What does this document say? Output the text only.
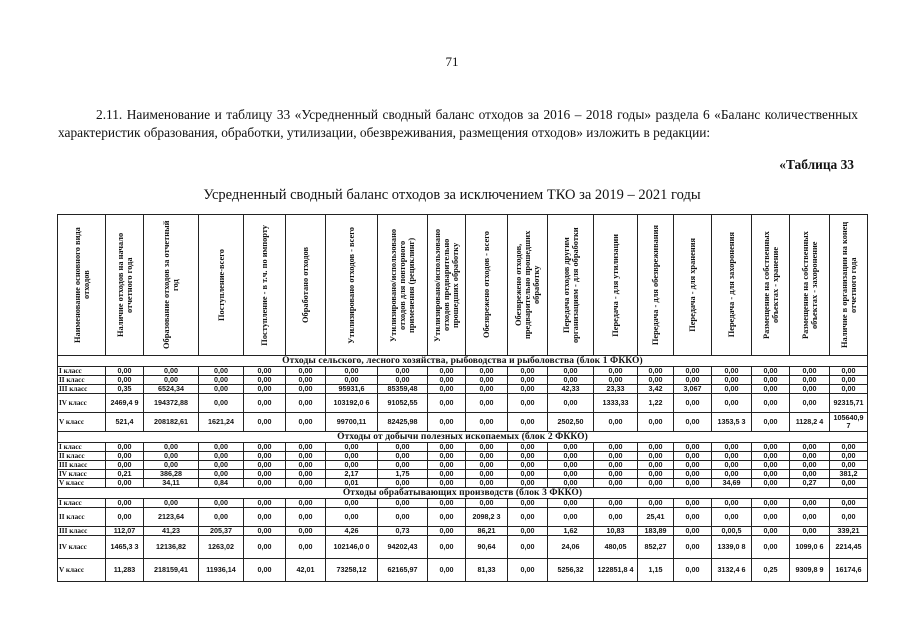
71
2.11. Наименование и таблицу 33 «Усредненный сводный баланс отходов за 2016 – 2018 годы» раздела 6 «Баланс количественных характеристик образования, обработки, утилизации, обезвреживания, размещения отходов» изложить в редакции:
«Таблица 33
Усредненный сводный баланс отходов за исключением ТКО за 2019 – 2021 годы
Наименование основного вида отходов	Наличие отходов на начало отчетного года	Образование отходов за отчетный год	Поступление-всего	Поступление - в т.ч. по импорту	Обработано отходов	Утилизировано отходов - всего	Утилизировано/использовано отходов для повторного применения (рециклинг)	Утилизировано/использовано отходов предварительно прошедших обработку	Обезврежено отходов - всего	Обезврежено отходов, предварительно прошедших обработку	Передача отходов другим организациям - для обработки	Передача - для утилизации	Передача - для обезвреживания	Передача - для хранения	Передача - для захоронения	Размещение на собственных объектах - хранение	Размещение на собственных объектах - захоронение	Наличие в организации на конец отчетного года

Отходы сельского, лесного хозяйства, рыбоводства и рыболовства (блок 1 ФККО)																		
I класс	0,00	0,00	0,00	0,00	0,00	0,00	0,00	0,00	0,00	0,00	0,00	0,00	0,00	0,00	0,00	0,00	0,00	0,00
II класс	0,00	0,00	0,00	0,00	0,00	0,00	0,00	0,00	0,00	0,00	0,00	0,00	0,00	0,00	0,00	0,00	0,00	0,00
III класс	0,35	6524,34	0,00	0,00	0,00	95931,6	85359,48	0,00	0,00	0,00	42,33	23,33	3,42	3,067	0,00	0,00	0,00	0,00
IV класс	2469,4 9	194372,88	0,00	0,00	0,00	103192,0 6	91052,55	0,00	0,00	0,00	0,00	1333,33	1,22	0,00	0,00	0,00	0,00	92315,71
V класс	521,4	208182,61	1621,24	0,00	0,00	99700,11	82425,98	0,00	0,00	0,00	2502,50	0,00	0,00	0,00	1353,5 3	0,00	1128,2 4	105640,9 7
Отходы от добычи полезных ископаемых (блок 2 ФККО)																		
I класс	0,00	0,00	0,00	0,00	0,00	0,00	0,00	0,00	0,00	0,00	0,00	0,00	0,00	0,00	0,00	0,00	0,00	0,00
II класс	0,00	0,00	0,00	0,00	0,00	0,00	0,00	0,00	0,00	0,00	0,00	0,00	0,00	0,00	0,00	0,00	0,00	0,00
III класс	0,00	0,00	0,00	0,00	0,00	0,00	0,00	0,00	0,00	0,00	0,00	0,00	0,00	0,00	0,00	0,00	0,00	0,00
IV класс	0,21	386,28	0,00	0,00	0,00	2,17	1,75	0,00	0,00	0,00	0,00	0,00	0,00	0,00	0,00	0,00	0,00	381,2
V класс	0,00	34,11	0,84	0,00	0,00	0,01	0,00	0,00	0,00	0,00	0,00	0,00	0,00	0,00	34,69	0,00	0,27	0,00
Отходы обрабатывающих производств (блок 3 ФККО)																		
I класс	0,00	0,00	0,00	0,00	0,00	0,00	0,00	0,00	0,00	0,00	0,00	0,00	0,00	0,00	0,00	0,00	0,00	0,00
II класс	0,00	2123,64	0,00	0,00	0,00	0,00	0,00	0,00	2098,2 3	0,00	0,00	0,00	25,41	0,00	0,00	0,00	0,00	0,00
III класс	112,07	41,23	205,37	0,00	0,00	4,26	0,73	0,00	86,21	0,00	1,62	10,83	183,89	0,00	0,00,5	0,00	0,00	339,21
IV класс	1465,3 3	12136,82	1263,02	0,00	0,00	102146,0 0	94202,43	0,00	90,64	0,00	24,06	480,05	852,27	0,00	1339,0 8	0,00	1099,0 6	2214,45
V класс	11,283	218159,41	11936,14	0,00	42,01	73258,12	62165,97	0,00	81,33	0,00	5256,32	122851,8 4	1,15	0,00	3132,4 6	0,25	9309,8 9	16174,6
